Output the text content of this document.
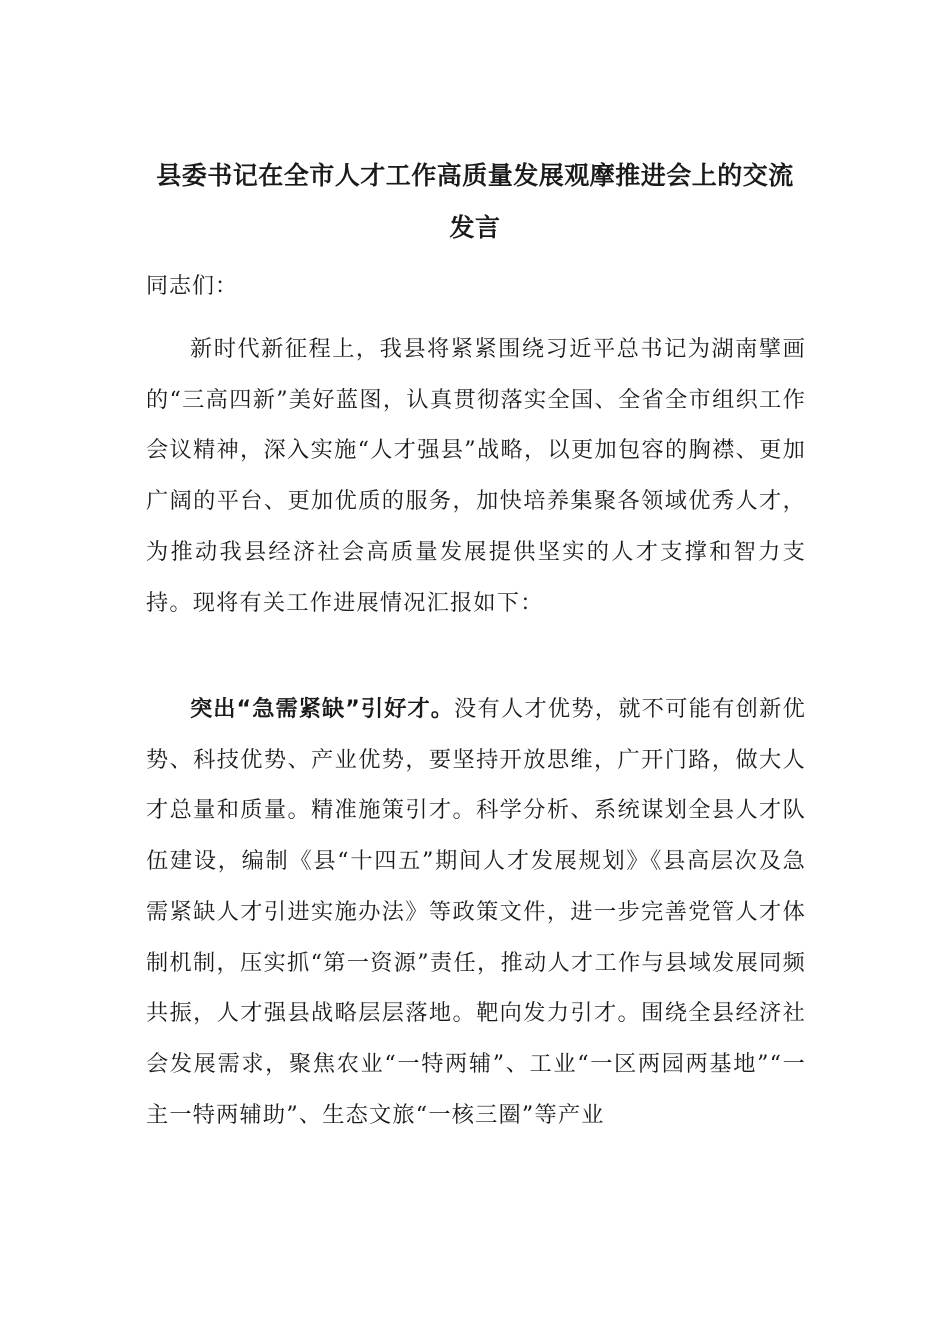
县委书记在全市人才工作高质量发展观摩推进会上的交流
发言

同志们：

新时代新征程上，我县将紧紧围绕习近平总书记为湖南擘画的“三高四新”美好蓝图，认真贯彻落实全国、全省全市组织工作会议精神，深入实施“人才强县”战略，以更加包容的胸襟、更加广阔的平台、更加优质的服务，加快培养集聚各领域优秀人才，为推动我县经济社会高质量发展提供坚实的人才支撑和智力支持。现将有关工作进展情况汇报如下：

突出“急需紧缺”引好才。没有人才优势，就不可能有创新优势、科技优势、产业优势，要坚持开放思维，广开门路，做大人才总量和质量。精准施策引才。科学分析、系统谋划全县人才队伍建设，编制《县“十四五”期间人才发展规划》《县高层次及急需紧缺人才引进实施办法》等政策文件，进一步完善党管人才体制机制，压实抓“第一资源”责任，推动人才工作与县域发展同频共振，人才强县战略层层落地。靶向发力引才。围绕全县经济社会发展需求，聚焦农业“一特两辅”、工业“一区两园两基地”“一主一特两辅助”、生态文旅“一核三圈”等产业
